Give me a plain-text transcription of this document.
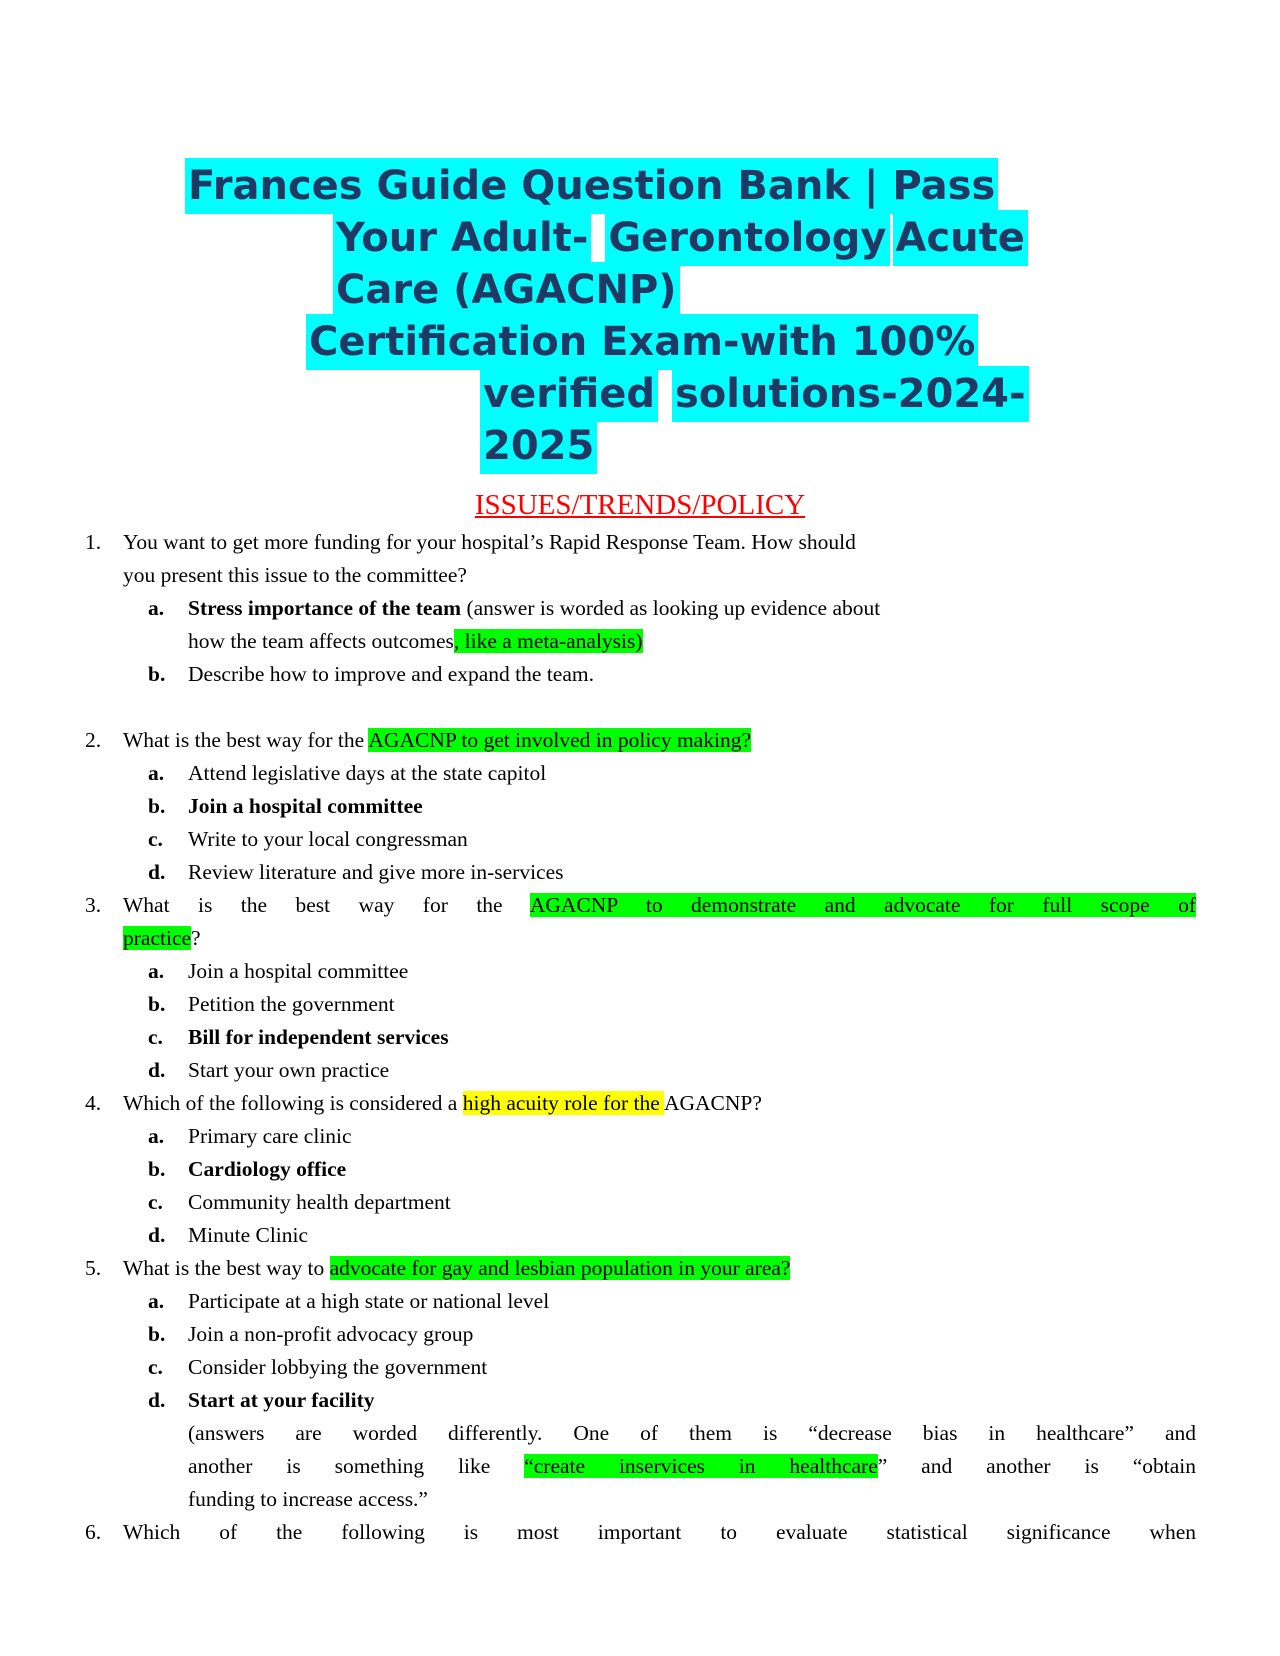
Frances Guide Question Bank | Pass
Your Adult- Gerontology Acute
Care (AGACNP)
Certification Exam-with 100%
verified solutions-2024-
2025
ISSUES/TRENDS/POLICY
1. You want to get more funding for your hospital’s Rapid Response Team. How should
you present this issue to the committee?
a. Stress importance of the team (answer is worded as looking up evidence about
how the team affects outcomes, like a meta-analysis)
b. Describe how to improve and expand the team.
2. What is the best way for the AGACNP to get involved in policy making?
a. Attend legislative days at the state capitol
b. Join a hospital committee
c. Write to your local congressman
d. Review literature and give more in-services
3. What is the best way for the AGACNP to demonstrate and advocate for full scope of
practice?
a. Join a hospital committee
b. Petition the government
c. Bill for independent services
d. Start your own practice
4. Which of the following is considered a high acuity role for the AGACNP?
a. Primary care clinic
b. Cardiology office
c. Community health department
d. Minute Clinic
5. What is the best way to advocate for gay and lesbian population in your area?
a. Participate at a high state or national level
b. Join a non-profit advocacy group
c. Consider lobbying the government
d. Start at your facility
(answers are worded differently. One of them is “decrease bias in healthcare” and
another is something like “create inservices in healthcare” and another is “obtain
funding to increase access.”
6. Which of the following is most important to evaluate statistical significance when
